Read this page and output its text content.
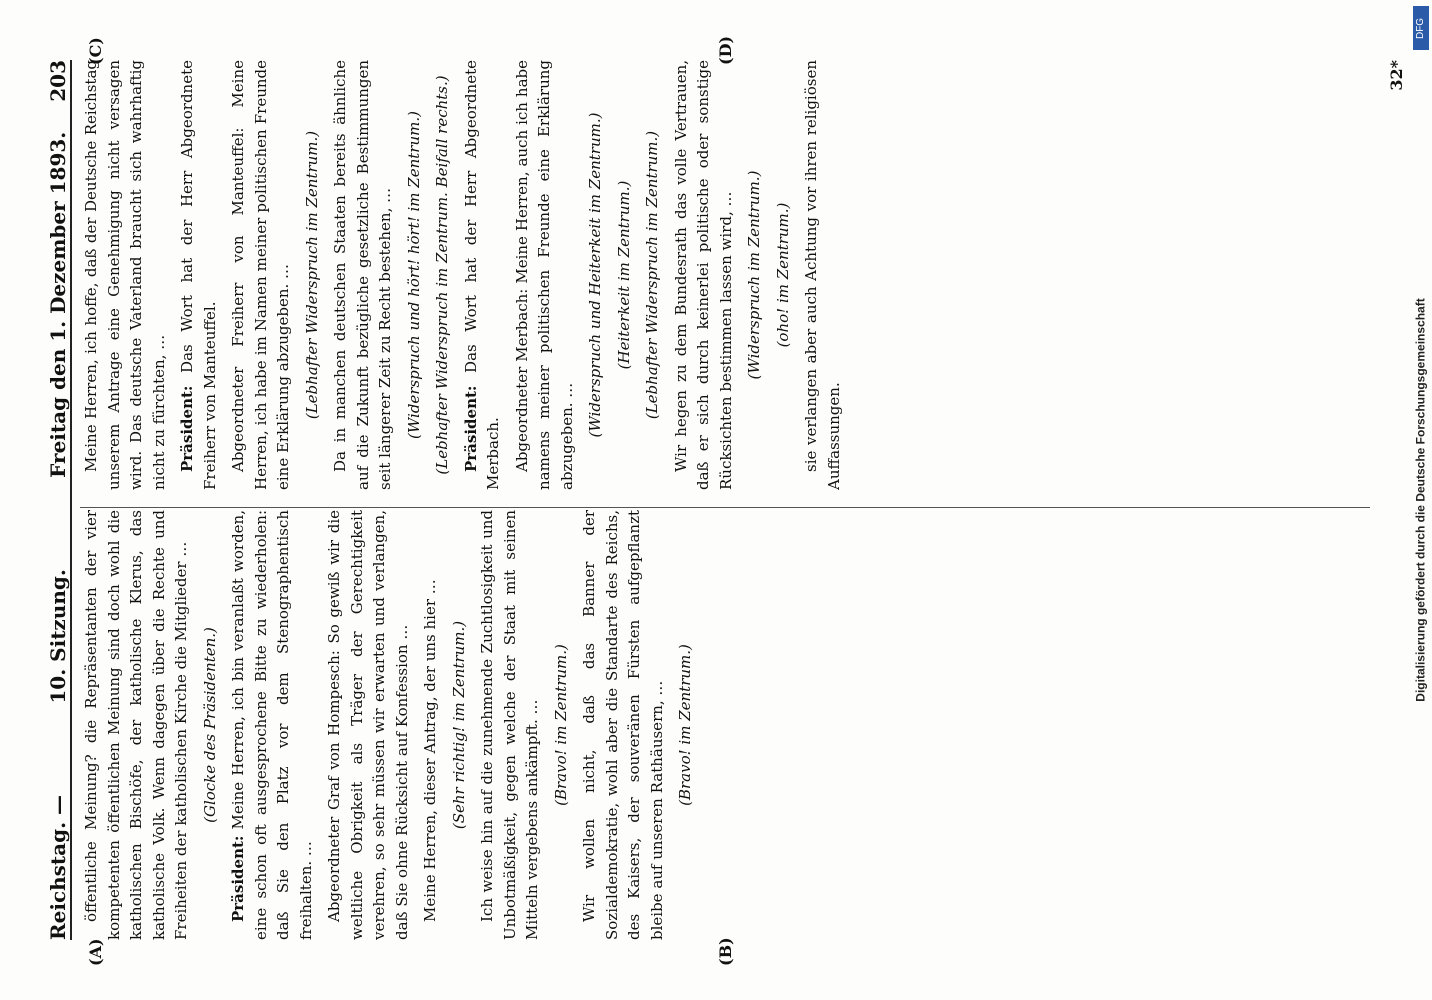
Reichstag. —
10. Sitzung.
Freitag den 1. Dezember 1893.
203
(A)	(B)
(C)	(D)

öffentliche Meinung? die Repräsentanten der vier kompetenten öffentlichen Meinung sind doch wohl die katholischen Bischöfe, der katholische Klerus, das katholische Volk. Wenn dagegen über die Rechte und Freiheiten der katholischen Kirche die Mitglieder … (Glocke des Präsidenten.)

Präsident: Meine Herren, ich bin veranlaßt worden, eine schon oft ausgesprochene Bitte zu wiederholen: daß Sie den Platz vor dem Stenographentisch freihalten. … Abgeordneter Graf von Hompesch: So gewiß wir die weltliche Obrigkeit als Träger der Gerechtigkeit verehren, so sehr müssen wir erwarten und verlangen, daß Sie ohne Rücksicht auf Konfession … Meine Herren, dieser Antrag, der uns hier … (Sehr richtig! im Zentrum.) Ich weise hin auf die zunehmende Zuchtlosigkeit und Unbotmäßigkeit, gegen welche der Staat mit seinen Mitteln vergebens ankämpft. … (Bravo! im Zentrum.) Wir wollen nicht, daß das Banner der Sozialdemokratie, wohl aber die Standarte des Reichs, des Kaisers, der souveränen Fürsten aufgepflanzt bleibe auf unseren Rathäusern, … (Bravo! im Zentrum.)

Meine Herren, ich hoffe, daß der Deutsche Reichstag unserem Antrage eine Genehmigung nicht versagen wird. Das deutsche Vaterland braucht sich wahrhaftig nicht zu fürchten, … Präsident: Das Wort hat der Herr Abgeordnete Freiherr von Manteuffel. Abgeordneter Freiherr von Manteuffel: Meine Herren, ich habe im Namen meiner politischen Freunde eine Erklärung abzugeben. … (Lebhafter Widerspruch im Zentrum.) Da in manchen deutschen Staaten bereits ähnliche auf die Zukunft bezügliche gesetzliche Bestimmungen seit längerer Zeit zu Recht bestehen, … (Widerspruch und hört! hört! im Zentrum.) (Lebhafter Widerspruch im Zentrum. Beifall rechts.) Präsident: Das Wort hat der Herr Abgeordnete Merbach. Abgeordneter Merbach: Meine Herren, auch ich habe namens meiner politischen Freunde eine Erklärung abzugeben. … (Widerspruch und Heiterkeit im Zentrum.) (Heiterkeit im Zentrum.) (Lebhafter Widerspruch im Zentrum.) Wir hegen zu dem Bundesrath das volle Vertrauen, daß er sich durch keinerlei politische oder sonstige Rücksichten bestimmen lassen wird, … (Widerspruch im Zentrum.) (oho! im Zentrum.) sie verlangen aber auch Achtung vor ihren religiösen Auffassungen.

32*
Digitalisierung gefördert durch die Deutsche Forschungsgemeinschaft
DFG
